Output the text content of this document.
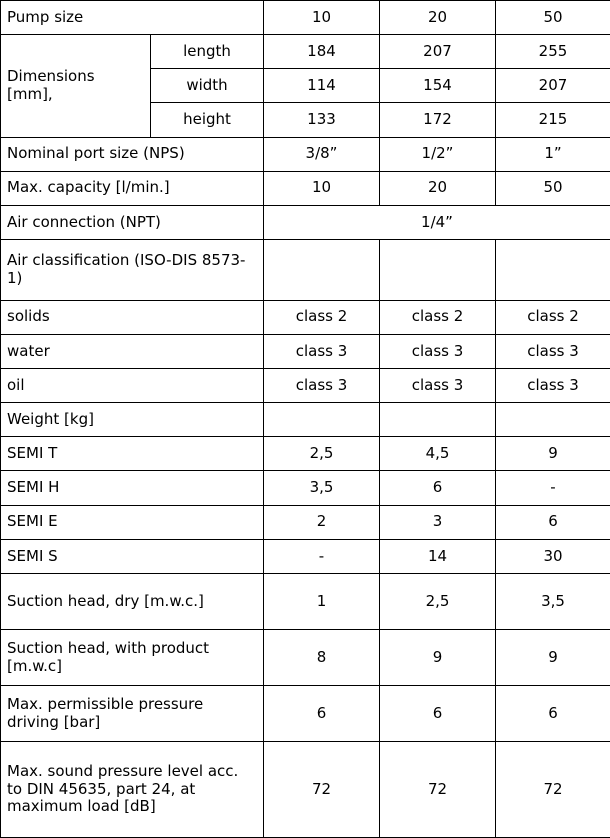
Pump size		10	20	50
Dimensions [mm],	length	184	207	255
	width	114	154	207
	height	133	172	215
Nominal port size (NPS)		3/8”	1/2”	1”
Max. capacity [l/min.]		10	20	50
Air connection (NPT)		1/4”		
Air classification (ISO-DIS 8573-1)				
solids		class 2	class 2	class 2
water		class 3	class 3	class 3
oil		class 3	class 3	class 3
Weight [kg]				
SEMI T		2,5	4,5	9
SEMI H		3,5	6	-
SEMI E		2	3	6
SEMI S		-	14	30
Suction head, dry [m.w.c.]		1	2,5	3,5
Suction head, with product [m.w.c]		8	9	9
Max. permissible pressure driving [bar]		6	6	6
Max. sound pressure level acc. to DIN 45635, part 24, at maximum load [dB]		72	72	72
